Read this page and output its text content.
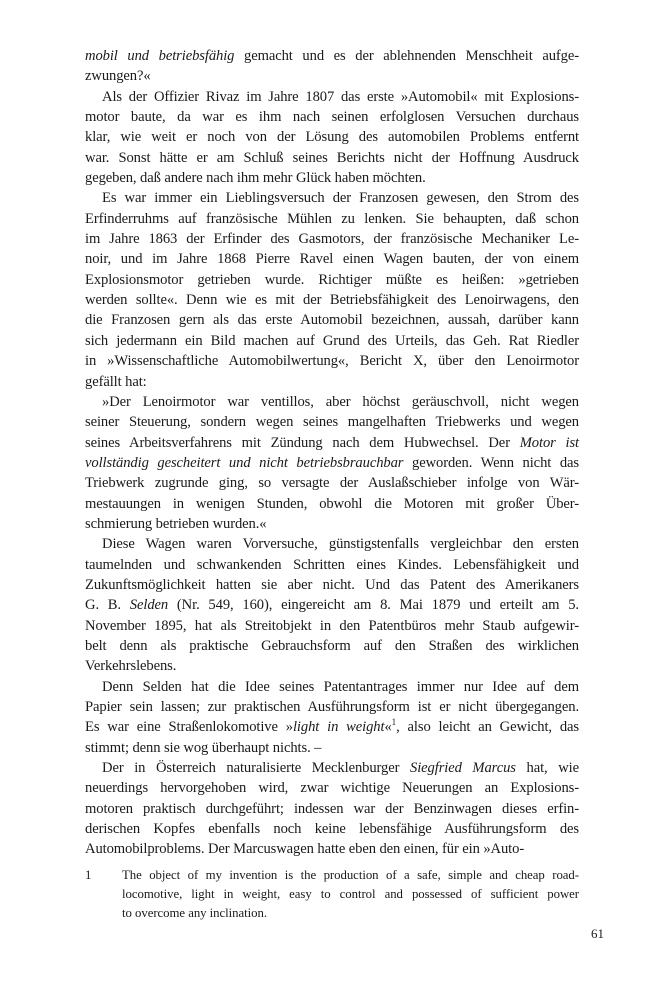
mobil und betriebsfähig gemacht und es der ablehnenden Menschheit aufge-
zwungen?«
Als der Offizier Rivaz im Jahre 1807 das erste »Automobil« mit Explosions-
motor baute, da war es ihm nach seinen erfolglosen Versuchen durchaus
klar, wie weit er noch von der Lösung des automobilen Problems entfernt
war. Sonst hätte er am Schluß seines Berichts nicht der Hoffnung Ausdruck
gegeben, daß andere nach ihm mehr Glück haben möchten.
Es war immer ein Lieblingsversuch der Franzosen gewesen, den Strom des
Erfinderruhms auf französische Mühlen zu lenken. Sie behaupten, daß schon
im Jahre 1863 der Erfinder des Gasmotors, der französische Mechaniker Le-
noir, und im Jahre 1868 Pierre Ravel einen Wagen bauten, der von einem
Explosionsmotor getrieben wurde. Richtiger müßte es heißen: »getrieben
werden sollte«. Denn wie es mit der Betriebsfähigkeit des Lenoirwagens, den
die Franzosen gern als das erste Automobil bezeichnen, aussah, darüber kann
sich jedermann ein Bild machen auf Grund des Urteils, das Geh. Rat Riedler
in »Wissenschaftliche Automobilwertung«, Bericht X, über den Lenoirmotor
gefällt hat:
»Der Lenoirmotor war ventillos, aber höchst geräuschvoll, nicht wegen
seiner Steuerung, sondern wegen seines mangelhaften Triebwerks und wegen
seines Arbeitsverfahrens mit Zündung nach dem Hubwechsel. Der Motor ist
vollständig gescheitert und nicht betriebsbrauchbar geworden. Wenn nicht das
Triebwerk zugrunde ging, so versagte der Auslaßschieber infolge von Wär-
mestauungen in wenigen Stunden, obwohl die Motoren mit großer Über-
schmierung betrieben wurden.«
Diese Wagen waren Vorversuche, günstigstenfalls vergleichbar den ersten
taumelnden und schwankenden Schritten eines Kindes. Lebensfähigkeit und
Zukunftsmöglichkeit hatten sie aber nicht. Und das Patent des Amerikaners
G. B. Selden (Nr. 549, 160), eingereicht am 8. Mai 1879 und erteilt am 5.
November 1895, hat als Streitobjekt in den Patentbüros mehr Staub aufgewir-
belt denn als praktische Gebrauchsform auf den Straßen des wirklichen
Verkehrslebens.
Denn Selden hat die Idee seines Patentantrages immer nur Idee auf dem
Papier sein lassen; zur praktischen Ausführungsform ist er nicht übergegangen.
Es war eine Straßenlokomotive »light in weight«$^1$, also leicht an Gewicht, das
stimmt; denn sie wog überhaupt nichts. –
Der in Österreich naturalisierte Mecklenburger Siegfried Marcus hat, wie
neuerdings hervorgehoben wird, zwar wichtige Neuerungen an Explosions-
motoren praktisch durchgeführt; indessen war der Benzinwagen dieses erfin-
derischen Kopfes ebenfalls noch keine lebensfähige Ausführungsform des
Automobilproblems. Der Marcuswagen hatte eben den einen, für ein »Auto-
1 The object of my invention is the production of a safe, simple and cheap road-
locomotive, light in weight, easy to control and possessed of sufficient power
to overcome any inclination.
61
